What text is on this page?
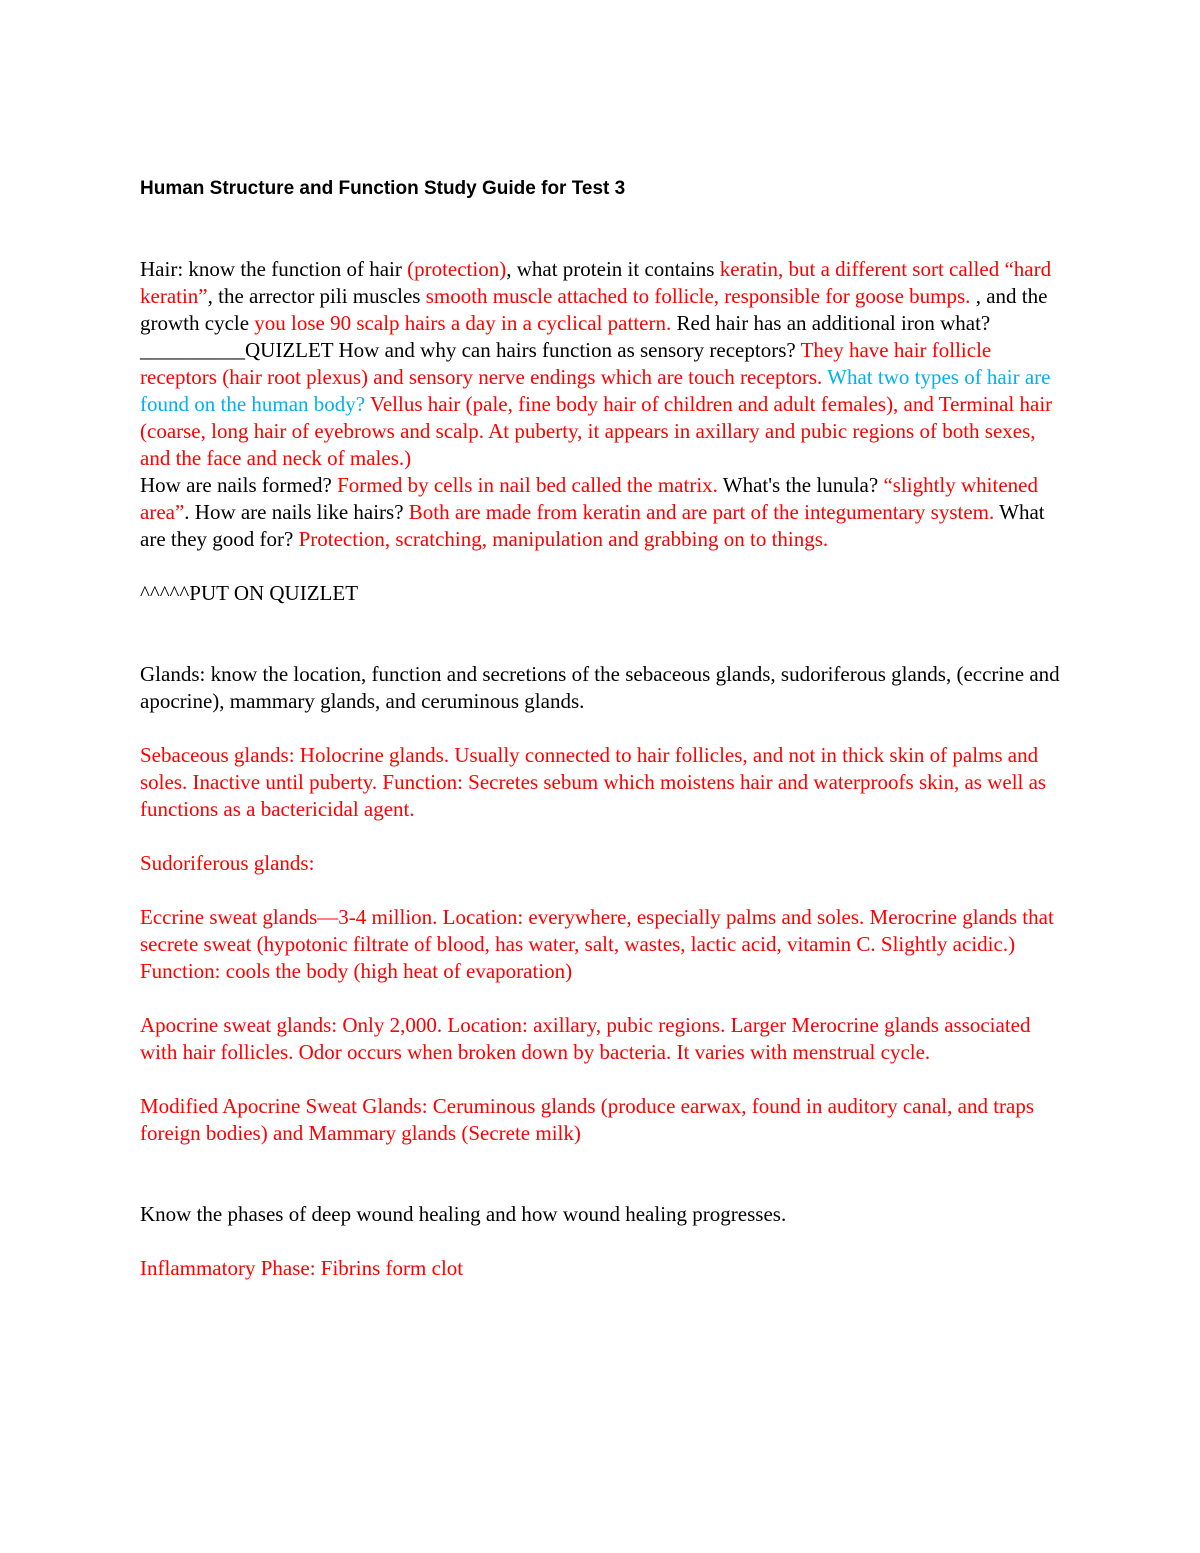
Human Structure and Function Study Guide for Test 3

Hair: know the function of hair (protection), what protein it contains keratin, but a different sort called “hard keratin”, the arrector pili muscles smooth muscle attached to follicle, responsible for goose bumps. , and the growth cycle you lose 90 scalp hairs a day in a cyclical pattern. Red hair has an additional iron what? __________QUIZLET How and why can hairs function as sensory receptors? They have hair follicle receptors (hair root plexus) and sensory nerve endings which are touch receptors. What two types of hair are found on the human body? Vellus hair (pale, fine body hair of children and adult females), and Terminal hair (coarse, long hair of eyebrows and scalp. At puberty, it appears in axillary and pubic regions of both sexes, and the face and neck of males.)

How are nails formed? Formed by cells in nail bed called the matrix. What's the lunula? “slightly whitened area”. How are nails like hairs? Both are made from keratin and are part of the integumentary system. What are they good for? Protection, scratching, manipulation and grabbing on to things.

^^^^^PUT ON QUIZLET

Glands: know the location, function and secretions of the sebaceous glands, sudoriferous glands, (eccrine and apocrine), mammary glands, and ceruminous glands.

Sebaceous glands: Holocrine glands. Usually connected to hair follicles, and not in thick skin of palms and soles. Inactive until puberty. Function: Secretes sebum which moistens hair and waterproofs skin, as well as functions as a bactericidal agent.

Sudoriferous glands:

Eccrine sweat glands—3-4 million. Location: everywhere, especially palms and soles. Merocrine glands that secrete sweat (hypotonic filtrate of blood, has water, salt, wastes, lactic acid, vitamin C. Slightly acidic.) Function: cools the body (high heat of evaporation)

Apocrine sweat glands: Only 2,000. Location: axillary, pubic regions. Larger Merocrine glands associated with hair follicles. Odor occurs when broken down by bacteria. It varies with menstrual cycle.

Modified Apocrine Sweat Glands: Ceruminous glands (produce earwax, found in auditory canal, and traps foreign bodies) and Mammary glands (Secrete milk)

Know the phases of deep wound healing and how wound healing progresses.

Inflammatory Phase: Fibrins form clot
